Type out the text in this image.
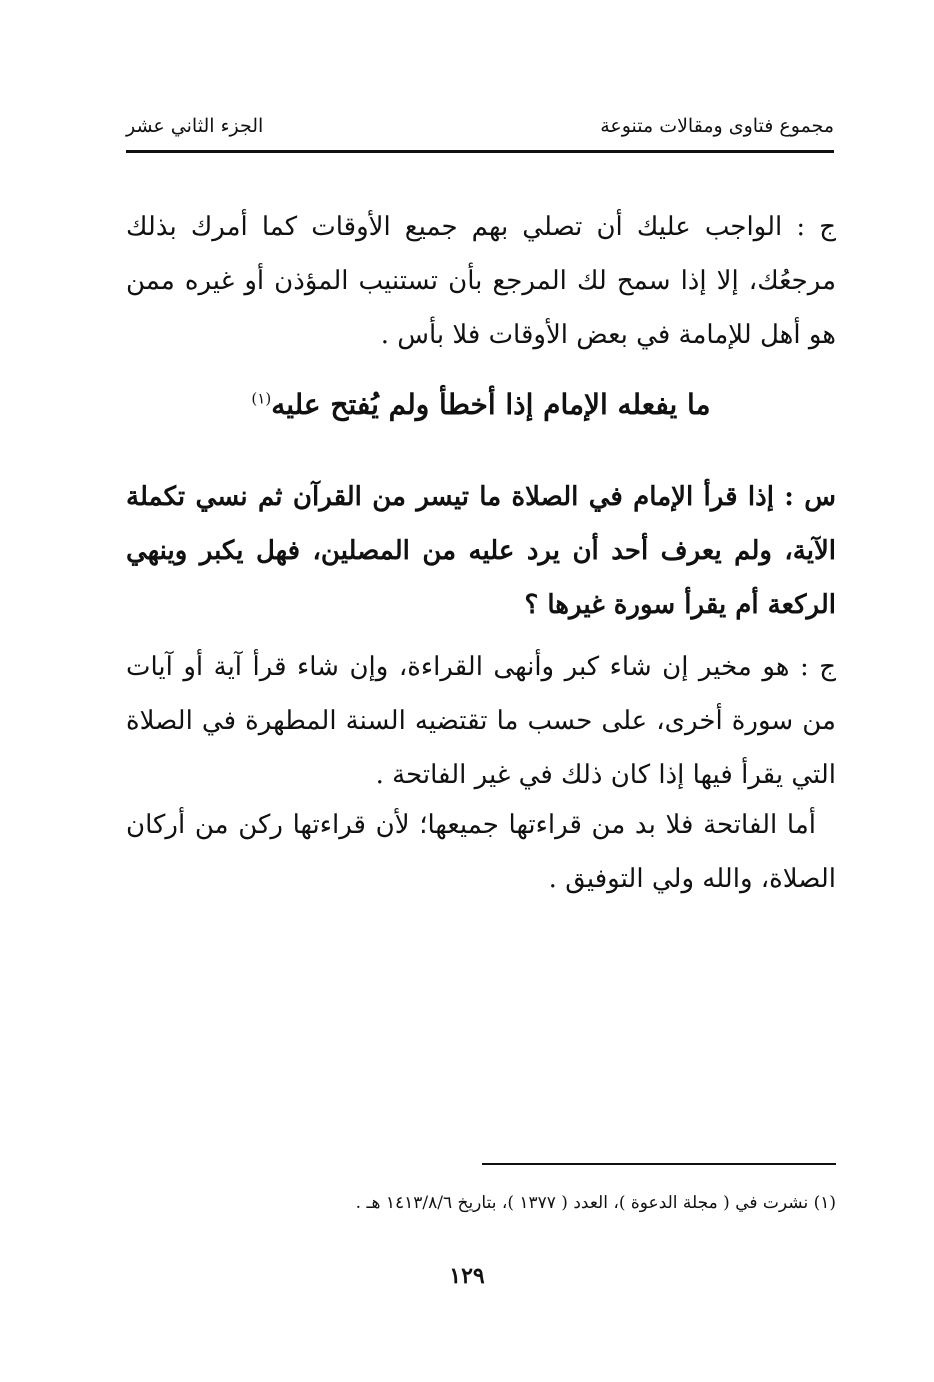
مجموع فتاوى ومقالات متنوعة
الجزء الثاني عشر

ج : الواجب عليك أن تصلي بهم جميع الأوقات كما أمرك بذلك مرجعُك، إلا إذا سمح لك المرجع بأن تستنيب المؤذن أو غيره ممن هو أهل للإمامة في بعض الأوقات فلا بأس .

ما يفعله الإمام إذا أخطأ ولم يُفتح عليه$^{(١)}$

س : إذا قرأ الإمام في الصلاة ما تيسر من القرآن ثم نسي تكملة الآية، ولم يعرف أحد أن يرد عليه من المصلين، فهل يكبر وينهي الركعة أم يقرأ سورة غيرها ؟

ج : هو مخير إن شاء كبر وأنهى القراءة، وإن شاء قرأ آية أو آيات من سورة أخرى، على حسب ما تقتضيه السنة المطهرة في الصلاة التي يقرأ فيها إذا كان ذلك في غير الفاتحة .

أما الفاتحة فلا بد من قراءتها جميعها؛ لأن قراءتها ركن من أركان الصلاة، والله ولي التوفيق .

(١) نشرت في ( مجلة الدعوة )، العدد ( ١٣٧٧ )، بتاريخ ١٤١٣/٨/٦ هـ .
١٢٩
